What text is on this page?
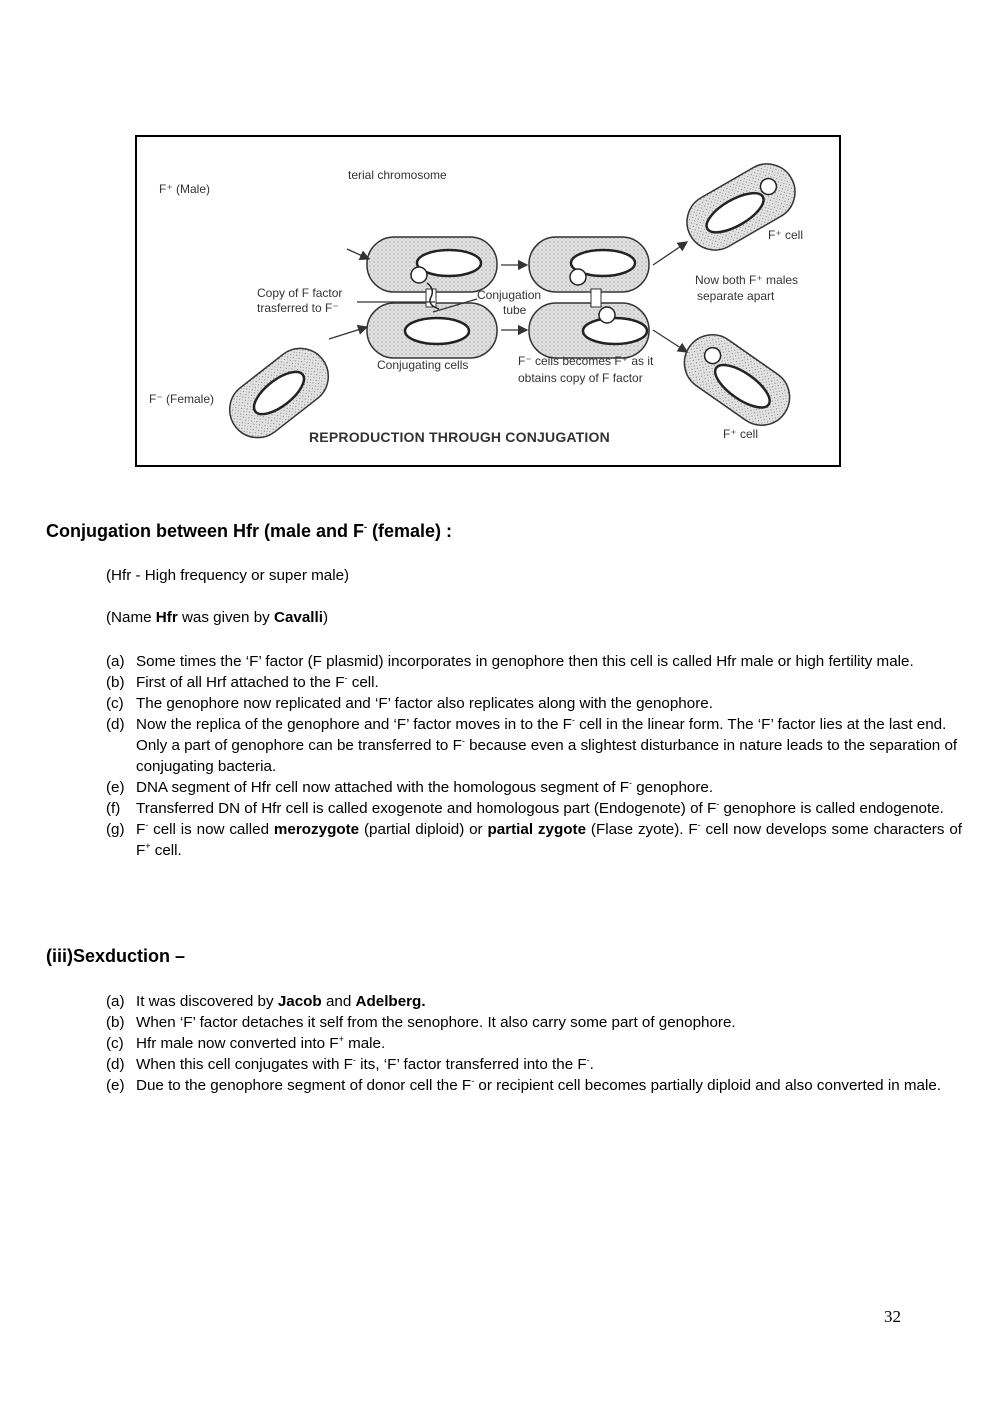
F⁺ (Male)
terial chromosome
F⁻ (Female)
Copy of F factor
trasferred to F⁻
Conjugation
tube
Conjugating cells	F⁻ cells becomes F⁺ as it
obtains copy of F factor
F⁺ cell
Now both F⁺ males
separate apart
F⁺ cell
REPRODUCTION THROUGH CONJUGATION
Conjugation between Hfr (male and F- (female) :

(Hfr - High frequency or super male)

(Name Hfr was given by Cavalli)

(a) Some times the ‘F’ factor (F plasmid) incorporates in genophore then this cell is called Hfr male or high fertility male.
(b) First of all Hrf attached to the F- cell.
(c) The genophore now replicated and ‘F’ factor also replicates along with the genophore.
(d) Now the replica of the genophore and ‘F’ factor moves in to the F- cell in the linear form. The ‘F’ factor lies at the last end.
Only a part of genophore can be transferred to F- because even a slightest disturbance in nature leads to the separation of conjugating bacteria.
(e) DNA segment of Hfr cell now attached with the homologous segment of F- genophore.
(f) Transferred DN of Hfr cell is called exogenote and homologous part (Endogenote) of F- genophore is called endogenote.
(g) F- cell is now called merozygote (partial diploid) or partial zygote (Flase zyote). F- cell now develops some characters of F+ cell.
(iii)Sexduction –
(a) It was discovered by Jacob and Adelberg.
(b) When ‘F’ factor detaches it self from the senophore. It also carry some part of genophore.
(c) Hfr male now converted into F+ male.
(d) When this cell conjugates with F- its, ‘F’ factor transferred into the F-.
(e) Due to the genophore segment of donor cell the F- or recipient cell becomes partially diploid and also converted in male.
32
